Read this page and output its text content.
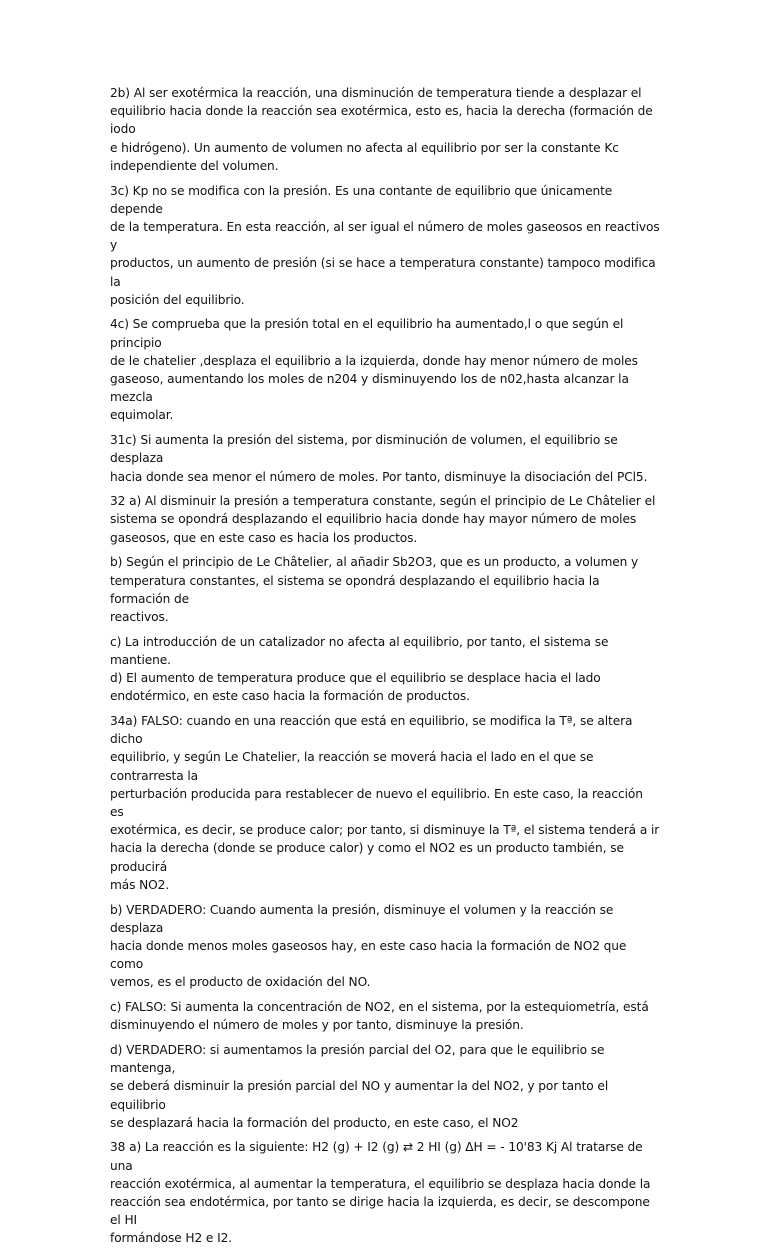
2b) Al ser exotérmica la reacción, una disminución de temperatura tiende a desplazar el
equilibrio hacia donde la reacción sea exotérmica, esto es, hacia la derecha (formación de iodo
e hidrógeno). Un aumento de volumen no afecta al equilibrio por ser la constante Kc
independiente del volumen.

3c) Kp no se modifica con la presión. Es una contante de equilibrio que únicamente depende
de la temperatura. En esta reacción, al ser igual el número de moles gaseosos en reactivos y
productos, un aumento de presión (si se hace a temperatura constante) tampoco modifica la
posición del equilibrio.

4c) Se comprueba que la presión total en el equilibrio ha aumentado,l o que según el principio
de le chatelier ,desplaza el equilibrio a la izquierda, donde hay menor número de moles
gaseoso, aumentando los moles de n204 y disminuyendo los de n02,hasta alcanzar la mezcla
equimolar.

31c) Si aumenta la presión del sistema, por disminución de volumen, el equilibrio se desplaza
hacia donde sea menor el número de moles. Por tanto, disminuye la disociación del PCl5.

32 a) Al disminuir la presión a temperatura constante, según el principio de Le Châtelier el
sistema se opondrá desplazando el equilibrio hacia donde hay mayor número de moles
gaseosos, que en este caso es hacia los productos.

b) Según el principio de Le Châtelier, al añadir Sb2O3, que es un producto, a volumen y
temperatura constantes, el sistema se opondrá desplazando el equilibrio hacia la formación de
reactivos.

c) La introducción de un catalizador no afecta al equilibrio, por tanto, el sistema se mantiene.
d) El aumento de temperatura produce que el equilibrio se desplace hacia el lado
endotérmico, en este caso hacia la formación de productos.

34a) FALSO: cuando en una reacción que está en equilibrio, se modifica la Tª, se altera dicho
equilibrio, y según Le Chatelier, la reacción se moverá hacia el lado en el que se contrarresta la
perturbación producida para restablecer de nuevo el equilibrio. En este caso, la reacción es
exotérmica, es decir, se produce calor; por tanto, si disminuye la Tª, el sistema tenderá a ir
hacia la derecha (donde se produce calor) y como el NO2 es un producto también, se producirá
más NO2.

b) VERDADERO: Cuando aumenta la presión, disminuye el volumen y la reacción se desplaza
hacia donde menos moles gaseosos hay, en este caso hacia la formación de NO2 que como
vemos, es el producto de oxidación del NO.

c) FALSO: Si aumenta la concentración de NO2, en el sistema, por la estequiometría, está
disminuyendo el número de moles y por tanto, disminuye la presión.

d) VERDADERO: si aumentamos la presión parcial del O2, para que le equilibrio se mantenga,
se deberá disminuir la presión parcial del NO y aumentar la del NO2, y por tanto el equilibrio
se desplazará hacia la formación del producto, en este caso, el NO2

38 a) La reacción es la siguiente: H2 (g) + I2 (g) ⇄ 2 HI (g) ΔH = - 10'83 Kj Al tratarse de una
reacción exotérmica, al aumentar la temperatura, el equilibrio se desplaza hacia donde la
reacción sea endotérmica, por tanto se dirige hacia la izquierda, es decir, se descompone el HI
formándose H2 e I2.
